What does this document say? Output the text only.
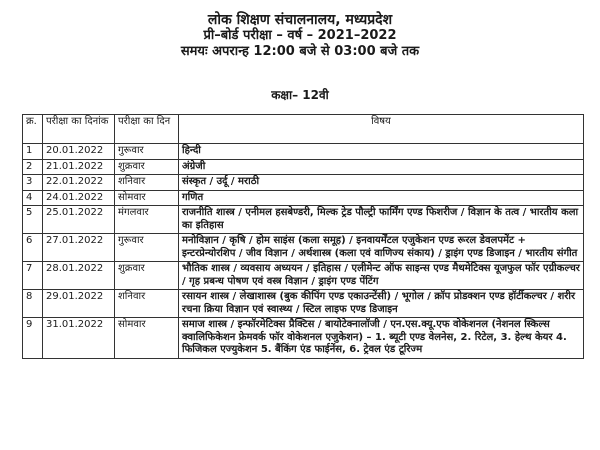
लोक शिक्षण संचालनालय, मध्यप्रदेश
प्री–बोर्ड परीक्षा – वर्ष – 2021–2022
समयः अपरान्ह 12:00 बजे से 03:00 बजे तक
कक्षा– 12वी
क्र.	परीक्षा का दिनांक	परीक्षा का दिन	विषय
1	20.01.2022	गुरूवार	हिन्दी
2	21.01.2022	शुक्रवार	अंग्रेजी
3	22.01.2022	शनिवार	संस्कृत / उर्दू / मराठी
4	24.01.2022	सोमवार	गणित
5	25.01.2022	मंगलवार	राजनीति शास्त्र / एनीमल हसबेण्डरी, मिल्क ट्रेड पौल्ट्री फार्मिंग एण्ड फिशरीज / विज्ञान के तत्व / भारतीय कला का इतिहास
6	27.01.2022	गुरूवार	मनोविज्ञान / कृषि / होम साइंस (कला समूह) / इनवायर्मेंटल एजुकेशन एण्ड रूरल डेवलपमेंट + इन्टरप्रेन्योरशिप / जीव विज्ञान / अर्थशास्त्र (कला एवं वाणिज्य संकाय) / ड्राइंग एण्ड डिजाइन / भारतीय संगीत
7	28.01.2022	शुक्रवार	भौतिक शास्त्र / व्यवसाय अध्ययन / इतिहास / एलीमेन्ट ऑफ साइन्स एण्ड मैथमेटिक्स यूजफुल फॉर एग्रीकल्चर / गृह प्रबन्ध पोषण एवं वस्त्र विज्ञान / ड्राइंग एण्ड पेंटिंग
8	29.01.2022	शनिवार	रसायन शास्त्र / लेखाशास्त्र (बुक कीपिंग एण्ड एकाउन्टेंसी) / भूगोल / क्रॉप प्रोडक्शन एण्ड हॉर्टीकल्चर / शरीर रचना क्रिया विज्ञान एवं स्वास्थ्य / स्टिल लाइफ एण्ड डिजाइन
9	31.01.2022	सोमवार	समाज शास्त्र / इन्फॉरमेटिक्स प्रैक्टिस / बायोटेक्नालॉजी / एन.एस.क्यू.एफ वोकेशनल (नेशनल स्किल्स क्वालिफिकेशन फ्रेमवर्क फॉर वोकेशनल एजुकेशन) – 1. ब्यूटी एण्ड वेलनेस, 2. रिटेल, 3. हेल्थ केयर 4. फिजिकल एज्युकेशन 5. बैंकिंग एंड फाईनेंस, 6. ट्रेवल एंड टूरिज्म
